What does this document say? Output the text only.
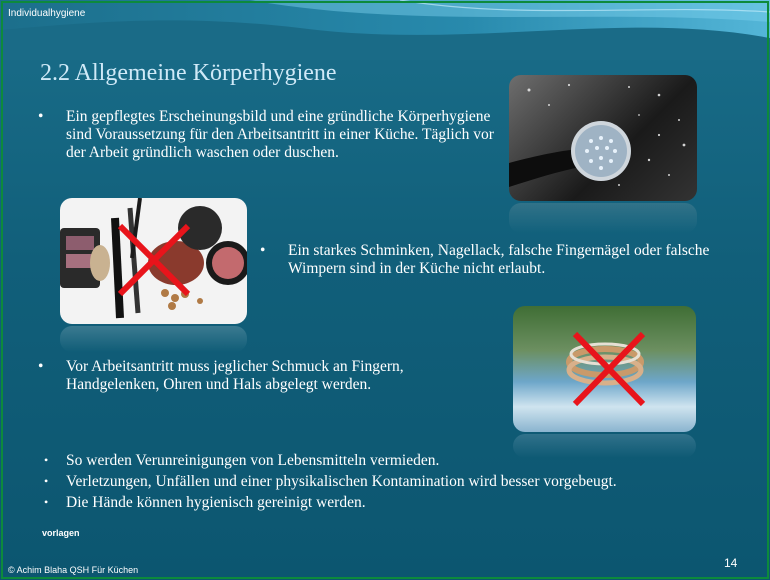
Individualhygiene
2.2 Allgemeine Körperhygiene
• Ein gepflegtes Erscheinungsbild und eine gründliche Körperhygiene sind Voraussetzung für den Arbeitsantritt in einer Küche. Täglich vor der Arbeit gründlich waschen oder duschen.
• Ein starkes Schminken, Nagellack, falsche Fingernägel oder falsche Wimpern sind in der Küche nicht erlaubt.
• Vor Arbeitsantritt muss jeglicher Schmuck an Fingern, Handgelenken, Ohren und Hals abgelegt werden.
• So werden Verunreinigungen von Lebensmitteln vermieden.
• Verletzungen, Unfällen und einer physikalischen Kontamination wird besser vorgebeugt.
• Die Hände können hygienisch gereinigt werden.
vorlagen
© Achim Blaha QSH Für Küchen	14
